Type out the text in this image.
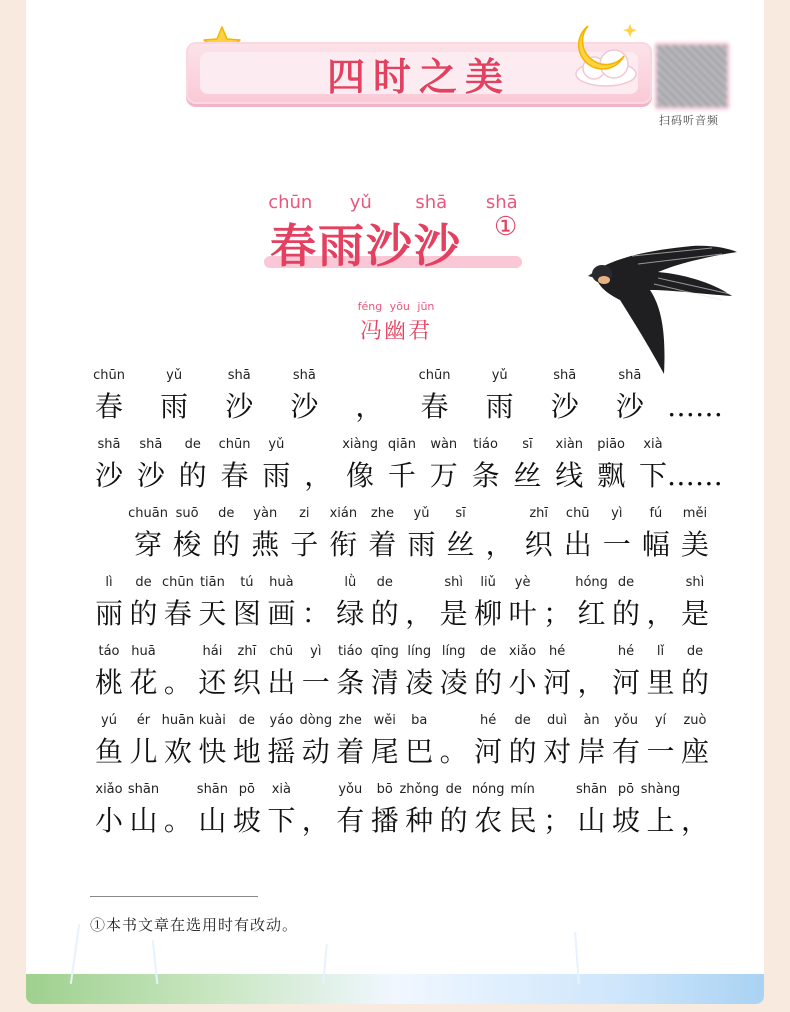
四时之美
扫码听音频
chūn	yǔ	shā	shā
春雨沙沙 ①
féng yōu jūn
冯幽君
chūn
春
yǔ
雨
shā
沙
shā
沙 ，
chūn
春
yǔ
雨
shā
沙
shā
沙 ……
shā
沙
shā
沙
de
的
chūn
春
yǔ
雨 ，
xiàng
像
qiān
千
wàn
万
tiáo
条
sī
丝
xiàn
线
piāo
飘
xià
下 ……
chuān
穿
suō
梭
de
的
yàn
燕
zi
子
xián
衔
zhe
着
yǔ
雨
sī
丝 ，
zhī
织
chū
出
yì
一
fú
幅
měi
美
lì
丽
de
的
chūn
春
tiān
天
tú
图
huà
画 ：
lǜ
绿
de
的 ，
shì
是
liǔ
柳
yè
叶 ；
hóng
红
de
的 ，
shì
是
táo
桃
huā
花 。
hái
还
zhī
织
chū
出
yì
一
tiáo
条
qīng
清
líng
凌
líng
凌
de
的
xiǎo
小
hé
河 ，
hé
河
lǐ
里
de
的
yú
鱼
ér
儿
huān
欢
kuài
快
de
地
yáo
摇
dòng
动
zhe
着
wěi
尾
ba
巴 。
hé
河
de
的
duì
对
àn
岸
yǒu
有
yí
一
zuò
座
xiǎo
小
shān
山 。
shān
山
pō
坡
xià
下 ，
yǒu
有
bō
播
zhǒng
种
de
的
nóng
农
mín
民 ；
shān
山
pō
坡
shàng
上 ，
①本书文章在选用时有改动。
